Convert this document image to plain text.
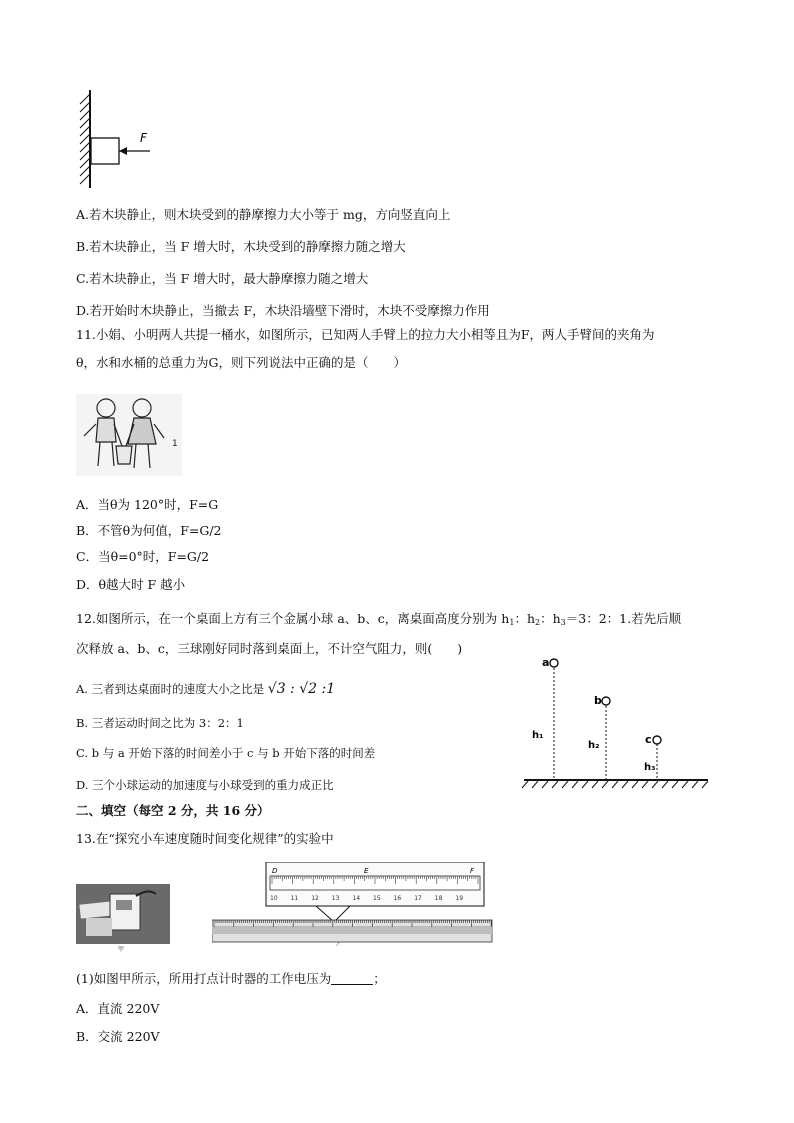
F
A.若木块静止，则木块受到的静摩擦力大小等于 mg，方向竖直向上
B.若木块静止，当 F 增大时，木块受到的静摩擦力随之增大
C.若木块静止，当 F 增大时，最大静摩擦力随之增大
D.若开始时木块静止，当撤去 F，木块沿墙壁下滑时，木块不受摩擦力作用
11.小娟、小明两人共提一桶水，如图所示，已知两人手臂上的拉力大小相等且为F，两人手臂间的夹角为
θ，水和水桶的总重力为G，则下列说法中正确的是（　　）
1
A．当θ为 120°时，F=G
B．不管θ为何值，F=G/2
C．当θ=0°时，F=G/2
D．θ越大时 F 越小
12.如图所示，在一个桌面上方有三个金属小球 a、b、c，离桌面高度分别为 $h_1$：$h_2$：$h_3=3$：2：1.若先后顺
次释放 a、b、c，三球刚好同时落到桌面上，不计空气阻力，则(　　)
A. 三者到达桌面时的速度大小之比是 √3 : √2 :1
B. 三者运动时间之比为 3：2：1
C. b 与 a 开始下落的时间差小于 c 与 b 开始下落的时间差
D. 三个小球运动的加速度与小球受到的重力成正比
a
b
c
h₁
h₂
h₃
二、填空（每空 2 分，共 16 分）
13.在“探究小车速度随时间变化规律”的实验中
甲
D	E	F
10 11 12 13 14 15 16 17 18 19
乙
(1)如图甲所示，所用打点计时器的工作电压为	；
A．直流 220V
B．交流 220V
